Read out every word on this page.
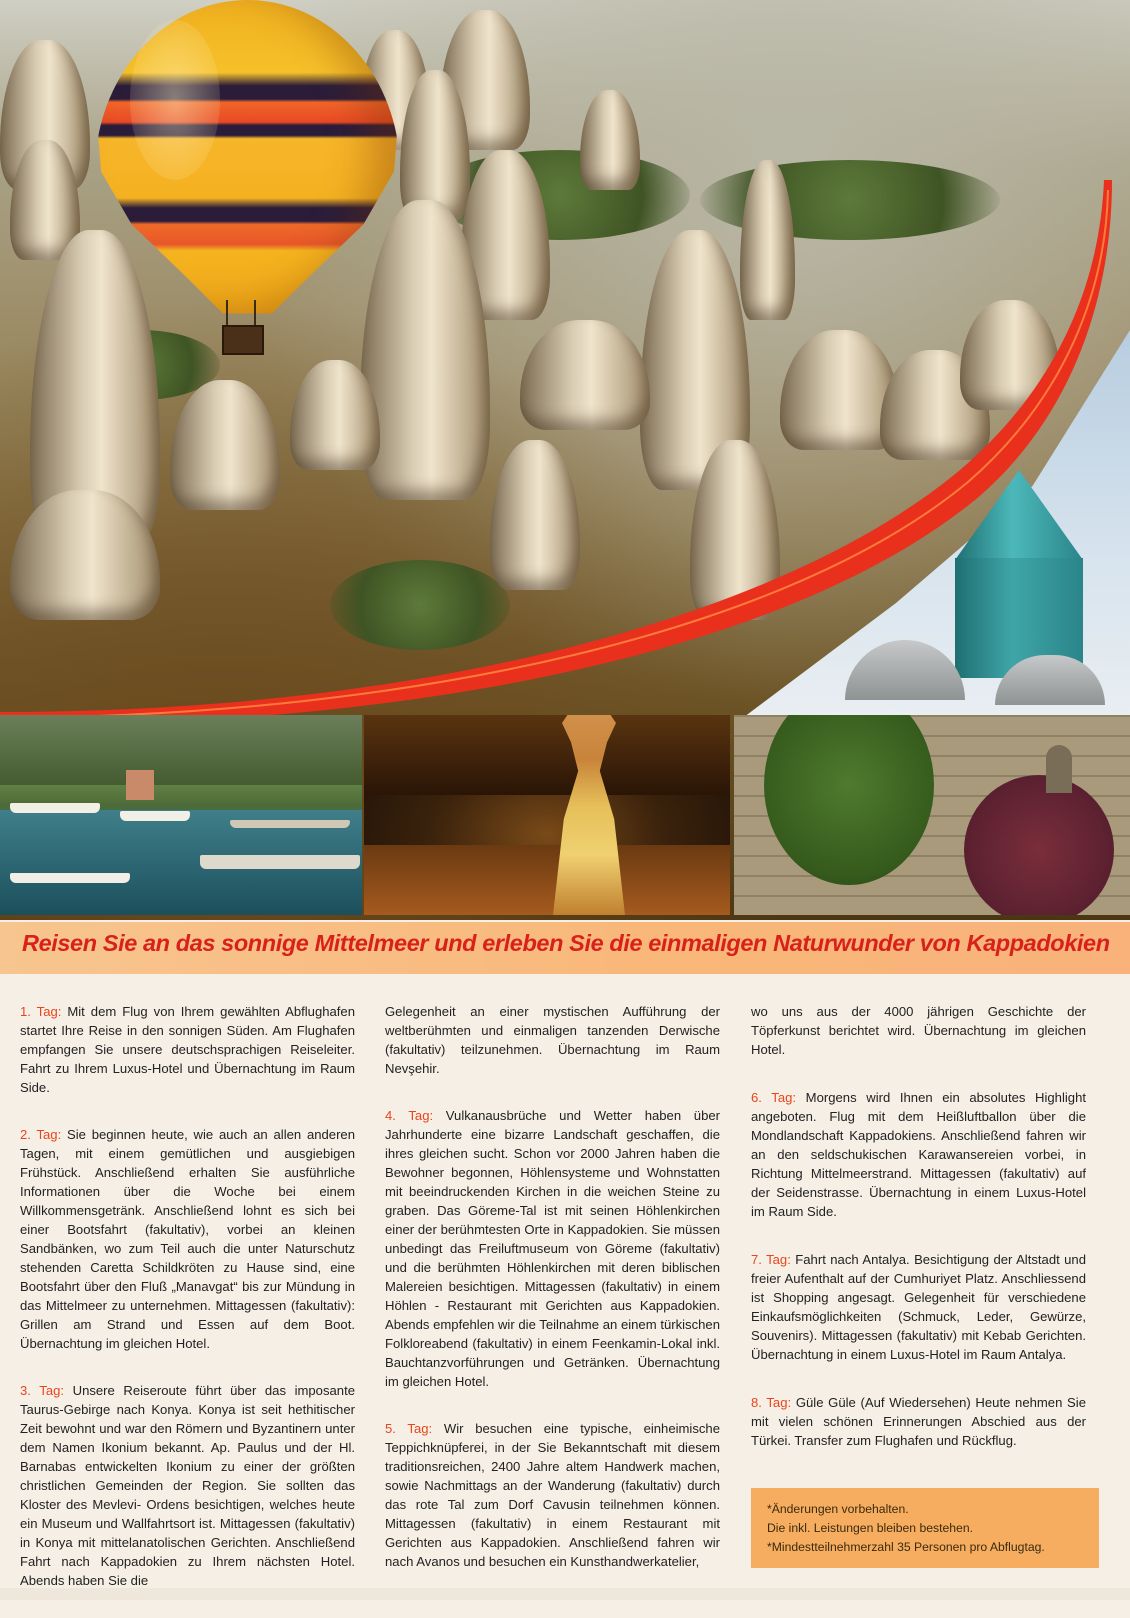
Reisen Sie an das sonnige Mittelmeer und erleben Sie die einmaligen Naturwunder von Kappadokien

1. Tag: Mit dem Flug von Ihrem gewählten Abflughafen startet Ihre Reise in den sonnigen Süden. Am Flughafen empfangen Sie unsere deutschsprachigen Reiseleiter. Fahrt zu Ihrem Luxus-Hotel und Übernachtung im Raum Side.

2. Tag: Sie beginnen heute, wie auch an allen anderen Tagen, mit einem gemütlichen und ausgiebigen Frühstück. Anschließend erhalten Sie ausführliche Informationen über die Woche bei einem Willkommensgetränk. Anschließend lohnt es sich bei einer Bootsfahrt (fakultativ), vorbei an kleinen Sandbänken, wo zum Teil auch die unter Naturschutz stehenden Caretta Schildkröten zu Hause sind, eine Bootsfahrt über den Fluß „Manavgat“ bis zur Mündung in das Mittelmeer zu unternehmen. Mittagessen (fakultativ): Grillen am Strand und Essen auf dem Boot. Übernachtung im gleichen Hotel.

3. Tag: Unsere Reiseroute führt über das imposante Taurus-Gebirge nach Konya. Konya ist seit hethitischer Zeit bewohnt und war den Römern und Byzantinern unter dem Namen Ikonium bekannt. Ap. Paulus und der Hl. Barnabas entwickelten Ikonium zu einer der größten christlichen Gemeinden der Region. Sie sollten das Kloster des Mevlevi- Ordens besichtigen, welches heute ein Museum und Wallfahrtsort ist. Mittagessen (fakultativ) in Konya mit mittelanatolischen Gerichten. Anschließend Fahrt nach Kappadokien zu Ihrem nächsten Hotel. Abends haben Sie die

Gelegenheit an einer mystischen Aufführung der weltberühmten und einmaligen tanzenden Derwische (fakultativ) teilzunehmen. Übernachtung im Raum Nevşehir.

4. Tag: Vulkanausbrüche und Wetter haben über Jahrhunderte eine bizarre Landschaft geschaffen, die ihres gleichen sucht. Schon vor 2000 Jahren haben die Bewohner begonnen, Höhlensysteme und Wohnstatten mit beeindruckenden Kirchen in die weichen Steine zu graben. Das Göreme-Tal ist mit seinen Höhlenkirchen einer der berühmtesten Orte in Kappadokien. Sie müssen unbedingt das Freiluftmuseum von Göreme (fakultativ) und die berühmten Höhlenkirchen mit deren biblischen Malereien besichtigen. Mittagessen (fakultativ) in einem Höhlen - Restaurant mit Gerichten aus Kappadokien. Abends empfehlen wir die Teilnahme an einem türkischen Folkloreabend (fakultativ) in einem Feenkamin-Lokal inkl. Bauchtanzvorführungen und Getränken. Übernachtung im gleichen Hotel.

5. Tag: Wir besuchen eine typische, einheimische Teppichknüpferei, in der Sie Bekanntschaft mit diesem traditionsreichen, 2400 Jahre altem Handwerk machen, sowie Nachmittags an der Wanderung (fakultativ) durch das rote Tal zum Dorf Cavusin teilnehmen können. Mittagessen (fakultativ) in einem Restaurant mit Gerichten aus Kappadokien. Anschließend fahren wir nach Avanos und besuchen ein Kunsthandwerkatelier,

wo uns aus der 4000 jährigen Geschichte der Töpferkunst berichtet wird. Übernachtung im gleichen Hotel.

6. Tag: Morgens wird Ihnen ein absolutes Highlight angeboten. Flug mit dem Heißluftballon über die Mondlandschaft Kappadokiens. Anschließend fahren wir an den seldschukischen Karawansereien vorbei, in Richtung Mittelmeerstrand. Mittagessen (fakultativ) auf der Seidenstrasse. Übernachtung in einem Luxus-Hotel im Raum Side.

7. Tag: Fahrt nach Antalya. Besichtigung der Altstadt und freier Aufenthalt auf der Cumhuriyet Platz. Anschliessend ist Shopping angesagt. Gelegenheit für verschiedene Einkaufsmöglichkeiten (Schmuck, Leder, Gewürze, Souvenirs). Mittagessen (fakultativ) mit Kebab Gerichten. Übernachtung in einem Luxus-Hotel im Raum Antalya.

8. Tag: Güle Güle (Auf Wiedersehen) Heute nehmen Sie mit vielen schönen Erinnerungen Abschied aus der Türkei. Transfer zum Flughafen und Rückflug.

*Änderungen vorbehalten.
Die inkl. Leistungen bleiben bestehen.
*Mindestteilnehmerzahl 35 Personen pro Abflugtag.
